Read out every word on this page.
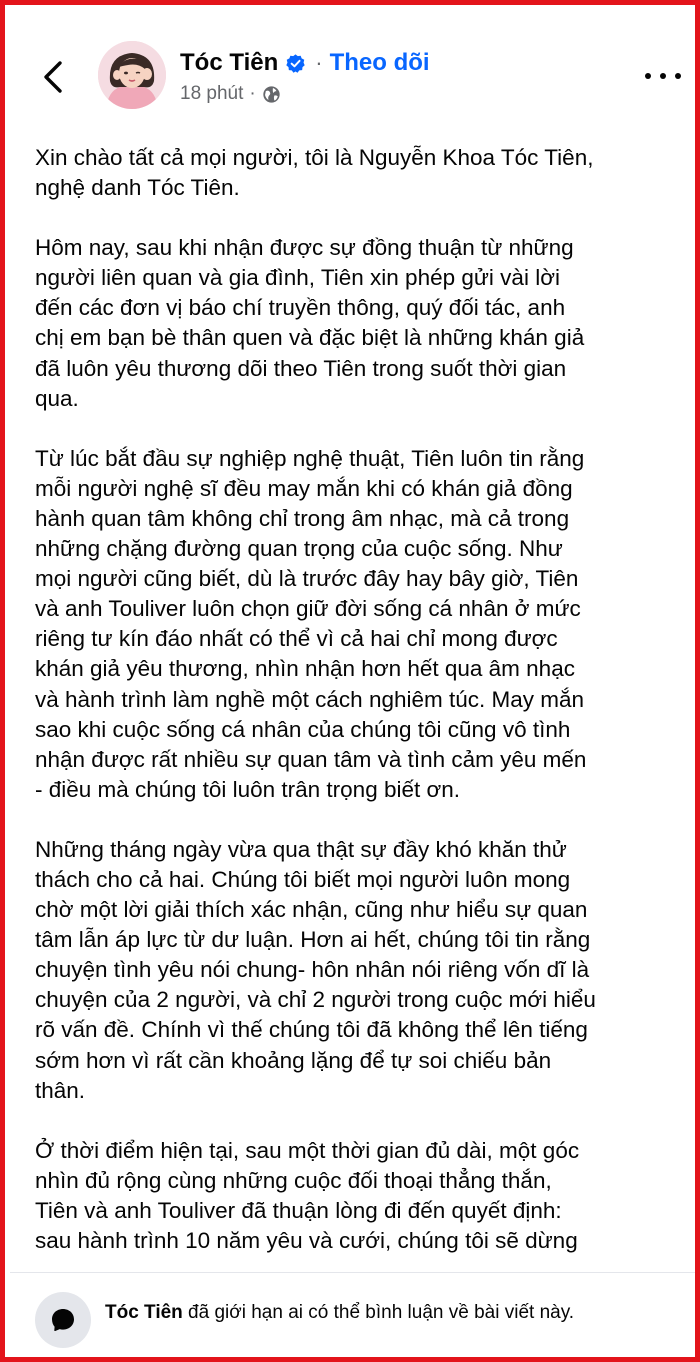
Tóc Tiên · Theo dõi
18 phút ·

Xin chào tất cả mọi người, tôi là Nguyễn Khoa Tóc Tiên,
nghệ danh Tóc Tiên.

Hôm nay, sau khi nhận được sự đồng thuận từ những
người liên quan và gia đình, Tiên xin phép gửi vài lời
đến các đơn vị báo chí truyền thông, quý đối tác, anh
chị em bạn bè thân quen và đặc biệt là những khán giả
đã luôn yêu thương dõi theo Tiên trong suốt thời gian
qua.

Từ lúc bắt đầu sự nghiệp nghệ thuật, Tiên luôn tin rằng
mỗi người nghệ sĩ đều may mắn khi có khán giả đồng
hành quan tâm không chỉ trong âm nhạc, mà cả trong
những chặng đường quan trọng của cuộc sống. Như
mọi người cũng biết, dù là trước đây hay bây giờ, Tiên
và anh Touliver luôn chọn giữ đời sống cá nhân ở mức
riêng tư kín đáo nhất có thể vì cả hai chỉ mong được
khán giả yêu thương, nhìn nhận hơn hết qua âm nhạc
và hành trình làm nghề một cách nghiêm túc. May mắn
sao khi cuộc sống cá nhân của chúng tôi cũng vô tình
nhận được rất nhiều sự quan tâm và tình cảm yêu mến
- điều mà chúng tôi luôn trân trọng biết ơn.

Những tháng ngày vừa qua thật sự đầy khó khăn thử
thách cho cả hai. Chúng tôi biết mọi người luôn mong
chờ một lời giải thích xác nhận, cũng như hiểu sự quan
tâm lẫn áp lực từ dư luận. Hơn ai hết, chúng tôi tin rằng
chuyện tình yêu nói chung- hôn nhân nói riêng vốn dĩ là
chuyện của 2 người, và chỉ 2 người trong cuộc mới hiểu
rõ vấn đề. Chính vì thế chúng tôi đã không thể lên tiếng
sớm hơn vì rất cần khoảng lặng để tự soi chiếu bản
thân.

Ở thời điểm hiện tại, sau một thời gian đủ dài, một góc
nhìn đủ rộng cùng những cuộc đối thoại thẳng thắn,
Tiên và anh Touliver đã thuận lòng đi đến quyết định:
sau hành trình 10 năm yêu và cưới, chúng tôi sẽ dừng

Tóc Tiên đã giới hạn ai có thể bình luận về bài viết này.
